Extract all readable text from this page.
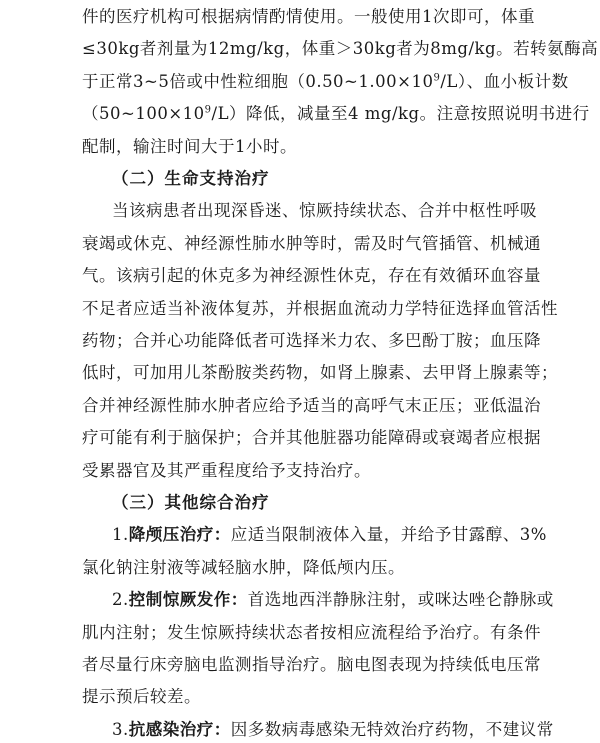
件的医疗机构可根据病情酌情使用。一般使用1次即可，体重
≤30kg者剂量为12mg/kg，体重＞30kg者为8mg/kg。若转氨酶高
于正常3~5倍或中性粒细胞$(0.50\sim 1.00\times 10^9/L)$、血小板计数
$(50\sim 100\times 10^9/L)$降低，减量至4 mg/kg。注意按照说明书进行
配制，输注时间大于1小时。
（二）生命支持治疗
当该病患者出现深昏迷、惊厥持续状态、合并中枢性呼吸
衰竭或休克、神经源性肺水肿等时，需及时气管插管、机械通
气。该病引起的休克多为神经源性休克，存在有效循环血容量
不足者应适当补液体复苏，并根据血流动力学特征选择血管活性
药物；合并心功能降低者可选择米力农、多巴酚丁胺；血压降
低时，可加用儿茶酚胺类药物，如肾上腺素、去甲肾上腺素等；
合并神经源性肺水肿者应给予适当的高呼气末正压；亚低温治
疗可能有利于脑保护；合并其他脏器功能障碍或衰竭者应根据
受累器官及其严重程度给予支持治疗。
（三）其他综合治疗
1.降颅压治疗：应适当限制液体入量，并给予甘露醇、3%
氯化钠注射液等减轻脑水肿，降低颅内压。
2.控制惊厥发作：首选地西泮静脉注射，或咪达唑仑静脉或
肌内注射；发生惊厥持续状态者按相应流程给予治疗。有条件
者尽量行床旁脑电监测指导治疗。脑电图表现为持续低电压常
提示预后较差。
3.抗感染治疗：因多数病毒感染无特效治疗药物，不建议常
